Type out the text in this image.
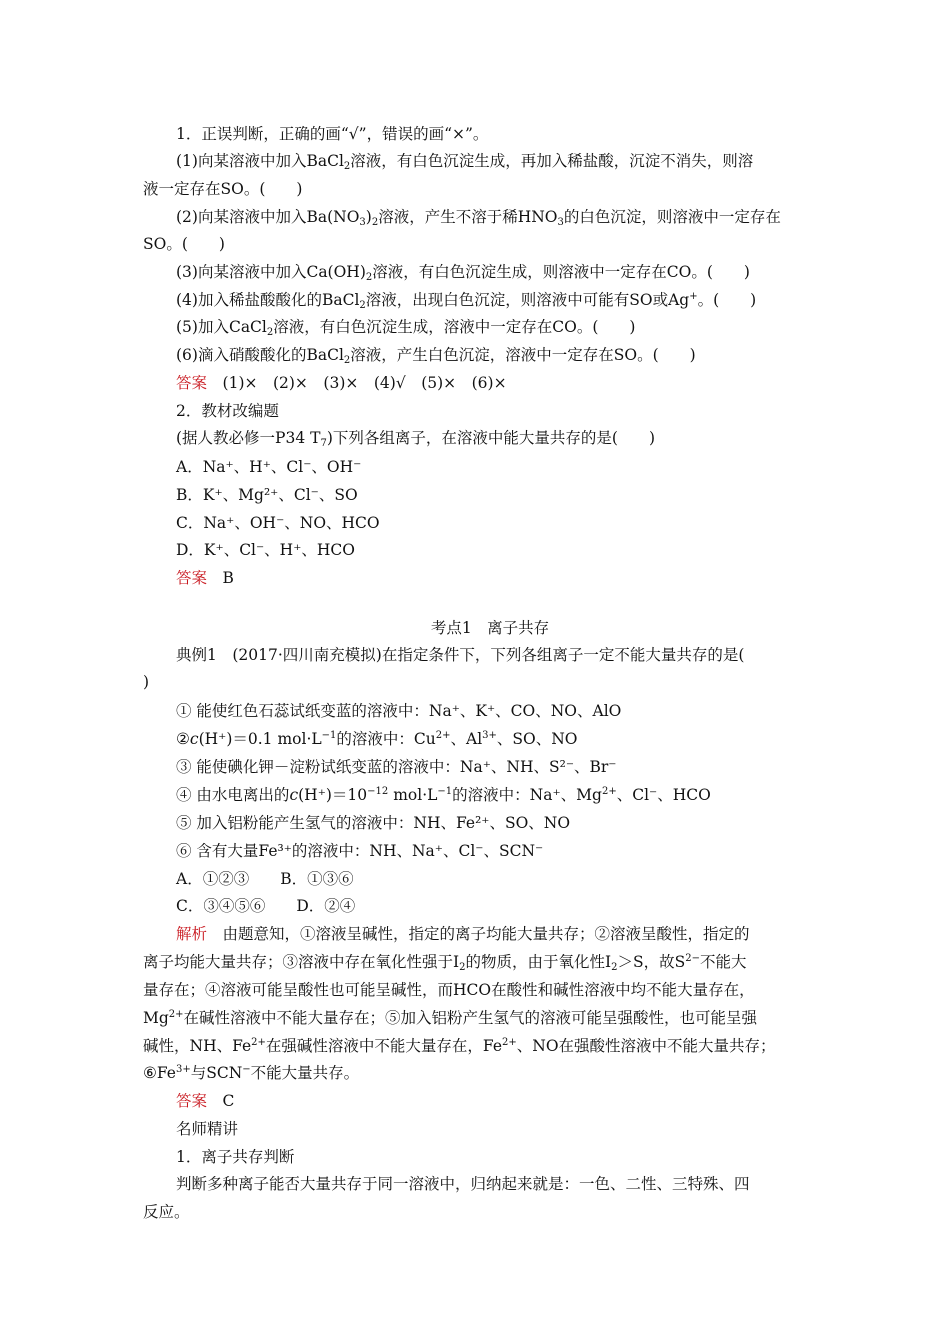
1．正误判断，正确的画“√”，错误的画“×”。
(1)向某溶液中加入BaCl$_2$溶液，有白色沉淀生成，再加入稀盐酸，沉淀不消失，则溶
液一定存在SO。(　　)
(2)向某溶液中加入$Ba(NO_3)_2$溶液，产生不溶于稀$HNO_3$的白色沉淀，则溶液中一定存在
SO。(　　)
(3)向某溶液中加入$Ca(OH)_2$溶液，有白色沉淀生成，则溶液中一定存在CO。(　　)
(4)加入稀盐酸酸化的BaCl$_2$溶液，出现白色沉淀，则溶液中可能有SO或Ag+。(　　)
(5)加入CaCl$_2$溶液，有白色沉淀生成，溶液中一定存在CO。(　　)
(6)滴入硝酸酸化的BaCl$_2$溶液，产生白色沉淀，溶液中一定存在SO。(　　)
答案　 (1)×　(2)×　(3)×　(4)√　(5)×　(6)×
2．教材改编题
(据人教必修一P34 $T_7$)下列各组离子，在溶液中能大量共存的是(　　)
A．Na⁺、H⁺、Cl⁻、OH⁻
B．K⁺、Mg²⁺、Cl⁻、SO
C．Na⁺、OH⁻、NO、HCO
D．K⁺、Cl⁻、H⁺、HCO
答案　 B
考点1　离子共存
典例1　(2017·四川南充模拟)在指定条件下，下列各组离子一定不能大量共存的是(
)
① 能使红色石蕊试纸变蓝的溶液中：Na⁺、K⁺、CO、NO、AlO
②c(H⁺)＝0.1 $mol\cdot L^{-1}$的溶液中：$Cu^{2+}$、$Al^{3+}$、SO、NO
③ 能使碘化钾－淀粉试纸变蓝的溶液中：Na⁺、NH、S²⁻、Br⁻
④ 由水电离出的$c(H^+)=10^{-12}$ $mol\cdot L^{-1}$的溶液中：Na⁺、$Mg^{2+}$、Cl⁻、HCO
⑤ 加入铝粉能产生氢气的溶液中：NH、Fe²⁺、SO、NO
⑥ 含有大量Fe³⁺的溶液中：NH、Na⁺、Cl⁻、SCN⁻
A．①②③　　B．①③⑥
C．③④⑤⑥　　D．②④
解析　 由题意知，①溶液呈碱性，指定的离子均能大量共存；②溶液呈酸性，指定的
离子均能大量共存；③溶液中存在氧化性强于$I_2$的物质，由于氧化性$I_2>S$，故$S^{2-}$不能大
量存在；④溶液可能呈酸性也可能呈碱性，而HCO在酸性和碱性溶液中均不能大量存在，
$Mg^{2+}$在碱性溶液中不能大量存在；⑤加入铝粉产生氢气的溶液可能呈强酸性，也可能呈强
碱性，NH、$Fe^{2+}$在强碱性溶液中不能大量存在，$Fe^{2+}$、NO在强酸性溶液中不能大量共存；
$⑥Fe^{3+}$与SCN−不能大量共存。
答案　 C
名师精讲
1．离子共存判断
判断多种离子能否大量共存于同一溶液中，归纳起来就是：一色、二性、三特殊、四
反应。
